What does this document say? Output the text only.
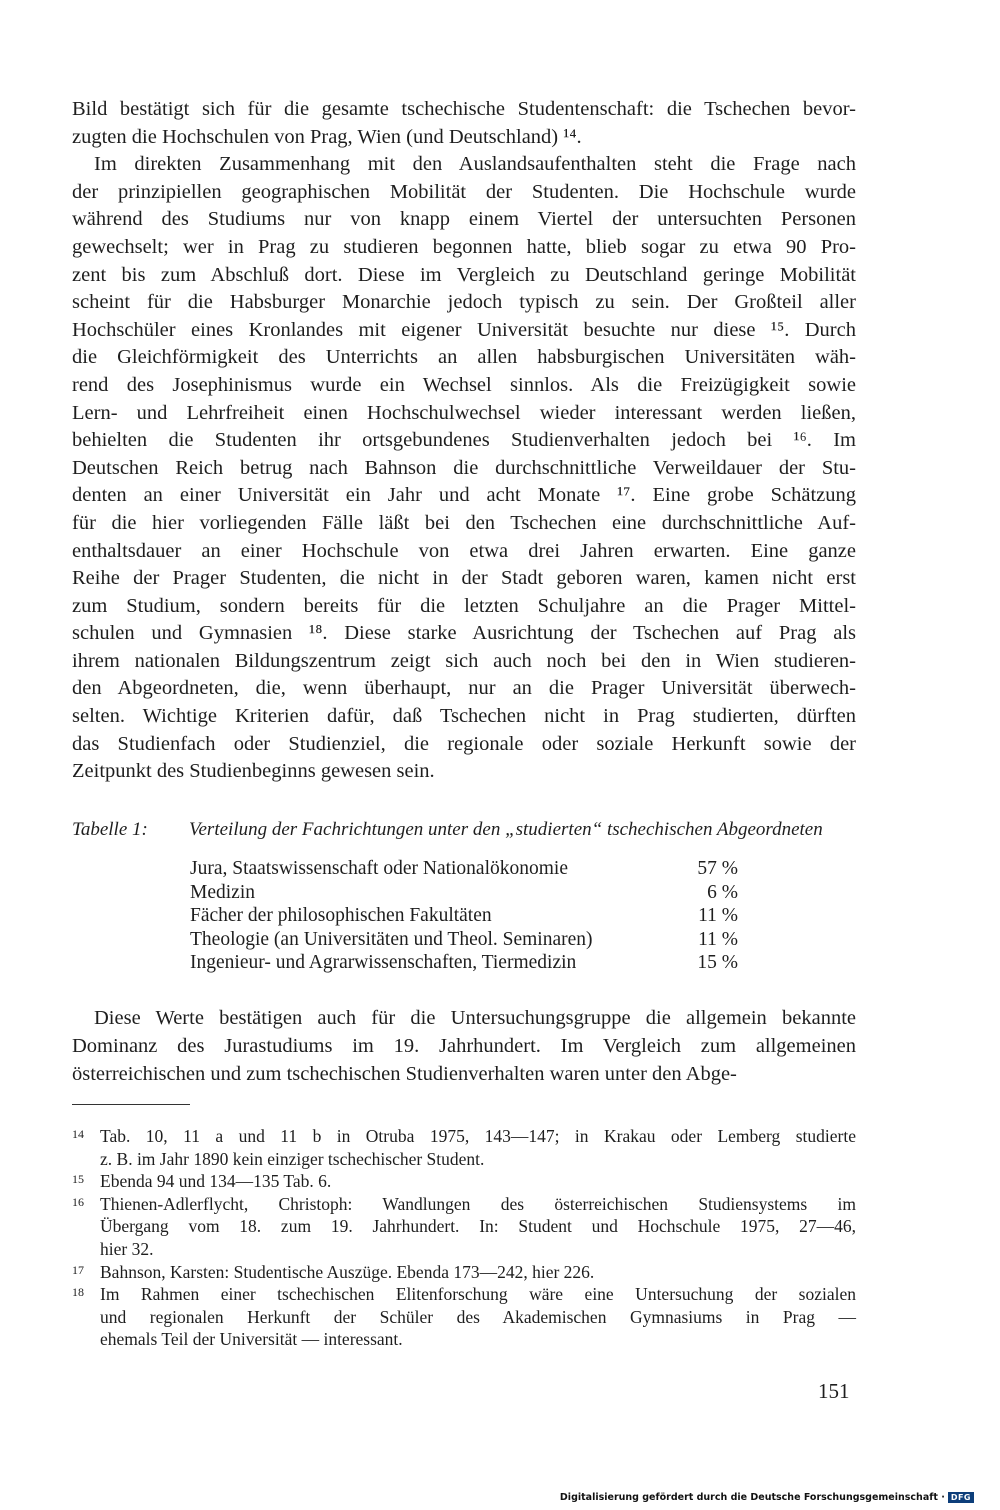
Bild bestätigt sich für die gesamte tschechische Studentenschaft: die Tschechen bevor-
zugten die Hochschulen von Prag, Wien (und Deutschland) ¹⁴.

Im direkten Zusammenhang mit den Auslandsaufenthalten steht die Frage nach
der prinzipiellen geographischen Mobilität der Studenten. Die Hochschule wurde
während des Studiums nur von knapp einem Viertel der untersuchten Personen
gewechselt; wer in Prag zu studieren begonnen hatte, blieb sogar zu etwa 90 Pro-
zent bis zum Abschluß dort. Diese im Vergleich zu Deutschland geringe Mobilität
scheint für die Habsburger Monarchie jedoch typisch zu sein. Der Großteil aller
Hochschüler eines Kronlandes mit eigener Universität besuchte nur diese ¹⁵. Durch
die Gleichförmigkeit des Unterrichts an allen habsburgischen Universitäten wäh-
rend des Josephinismus wurde ein Wechsel sinnlos. Als die Freizügigkeit sowie
Lern- und Lehrfreiheit einen Hochschulwechsel wieder interessant werden ließen,
behielten die Studenten ihr ortsgebundenes Studienverhalten jedoch bei ¹⁶. Im
Deutschen Reich betrug nach Bahnson die durchschnittliche Verweildauer der Stu-
denten an einer Universität ein Jahr und acht Monate ¹⁷. Eine grobe Schätzung
für die hier vorliegenden Fälle läßt bei den Tschechen eine durchschnittliche Auf-
enthaltsdauer an einer Hochschule von etwa drei Jahren erwarten. Eine ganze
Reihe der Prager Studenten, die nicht in der Stadt geboren waren, kamen nicht erst
zum Studium, sondern bereits für die letzten Schuljahre an die Prager Mittel-
schulen und Gymnasien ¹⁸. Diese starke Ausrichtung der Tschechen auf Prag als
ihrem nationalen Bildungszentrum zeigt sich auch noch bei den in Wien studieren-
den Abgeordneten, die, wenn überhaupt, nur an die Prager Universität überwech-
selten. Wichtige Kriterien dafür, daß Tschechen nicht in Prag studierten, dürften
das Studienfach oder Studienziel, die regionale oder soziale Herkunft sowie der
Zeitpunkt des Studienbeginns gewesen sein.

Tabelle 1: Verteilung der Fachrichtungen unter den „studierten“ tschechischen Abgeordneten
Jura, Staatswissenschaft oder Nationalökonomie	57 %
Medizin	6 %
Fächer der philosophischen Fakultäten	11 %
Theologie (an Universitäten und Theol. Seminaren)	11 %
Ingenieur- und Agrarwissenschaften, Tiermedizin	15 %
Diese Werte bestätigen auch für die Untersuchungsgruppe die allgemein bekannte
Dominanz des Jurastudiums im 19. Jahrhundert. Im Vergleich zum allgemeinen
österreichischen und zum tschechischen Studienverhalten waren unter den Abge-
14 Tab. 10, 11 a und 11 b in Otruba 1975, 143—147; in Krakau oder Lemberg studierte
z. B. im Jahr 1890 kein einziger tschechischer Student.
15 Ebenda 94 und 134—135 Tab. 6.
16 Thienen-Adlerflycht, Christoph: Wandlungen des österreichischen Studiensystems im
Übergang vom 18. zum 19. Jahrhundert. In: Student und Hochschule 1975, 27—46,
hier 32.
17 Bahnson, Karsten: Studentische Auszüge. Ebenda 173—242, hier 226.
18 Im Rahmen einer tschechischen Elitenforschung wäre eine Untersuchung der sozialen
und regionalen Herkunft der Schüler des Akademischen Gymnasiums in Prag —
ehemals Teil der Universität — interessant.
151
Digitalisierung gefördert durch die Deutsche Forschungsgemeinschaft · DFG
